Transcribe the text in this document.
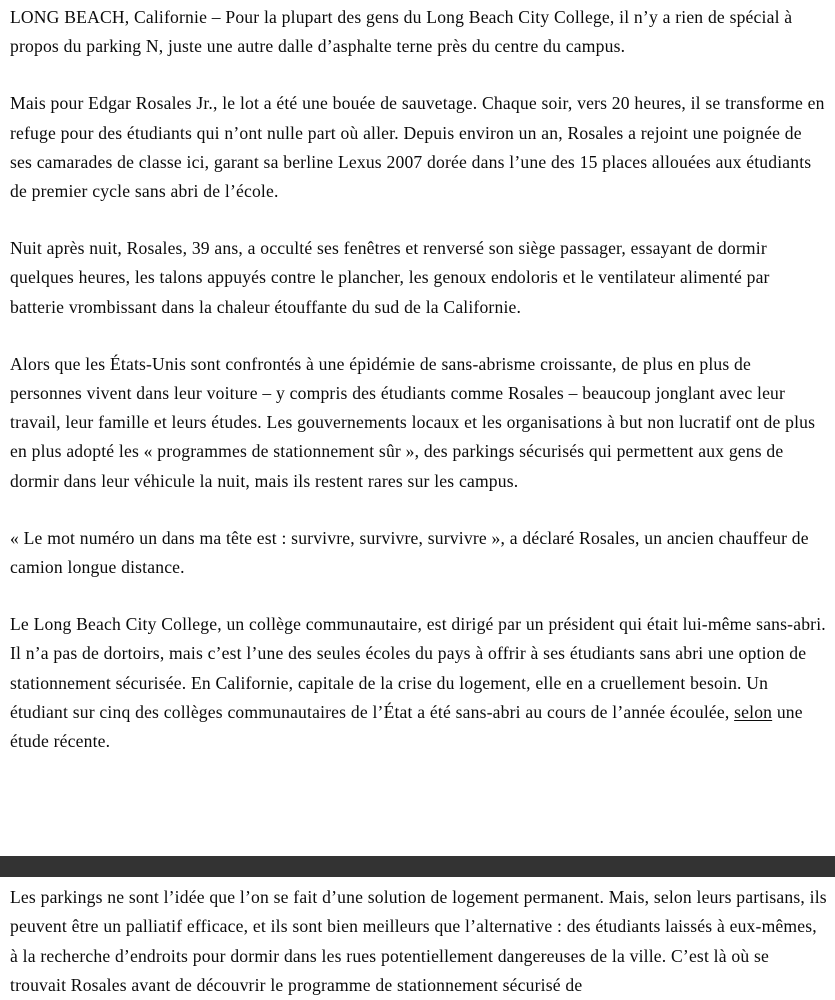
LONG BEACH, Californie – Pour la plupart des gens du Long Beach City College, il n’y a rien de spécial à propos du parking N, juste une autre dalle d’asphalte terne près du centre du campus.

Mais pour Edgar Rosales Jr., le lot a été une bouée de sauvetage. Chaque soir, vers 20 heures, il se transforme en refuge pour des étudiants qui n’ont nulle part où aller. Depuis environ un an, Rosales a rejoint une poignée de ses camarades de classe ici, garant sa berline Lexus 2007 dorée dans l’une des 15 places allouées aux étudiants de premier cycle sans abri de l’école.

Nuit après nuit, Rosales, 39 ans, a occulté ses fenêtres et renversé son siège passager, essayant de dormir quelques heures, les talons appuyés contre le plancher, les genoux endoloris et le ventilateur alimenté par batterie vrombissant dans la chaleur étouffante du sud de la Californie.

Alors que les États-Unis sont confrontés à une épidémie de sans-abrisme croissante, de plus en plus de personnes vivent dans leur voiture – y compris des étudiants comme Rosales – beaucoup jonglant avec leur travail, leur famille et leurs études. Les gouvernements locaux et les organisations à but non lucratif ont de plus en plus adopté les « programmes de stationnement sûr », des parkings sécurisés qui permettent aux gens de dormir dans leur véhicule la nuit, mais ils restent rares sur les campus.

« Le mot numéro un dans ma tête est : survivre, survivre, survivre », a déclaré Rosales, un ancien chauffeur de camion longue distance.

Le Long Beach City College, un collège communautaire, est dirigé par un président qui était lui-même sans-abri. Il n’a pas de dortoirs, mais c’est l’une des seules écoles du pays à offrir à ses étudiants sans abri une option de stationnement sécurisée. En Californie, capitale de la crise du logement, elle en a cruellement besoin. Un étudiant sur cinq des collèges communautaires de l’État a été sans-abri au cours de l’année écoulée, selon une étude récente.

Les parkings ne sont l’idée que l’on se fait d’une solution de logement permanent. Mais, selon leurs partisans, ils peuvent être un palliatif efficace, et ils sont bien meilleurs que l’alternative : des étudiants laissés à eux-mêmes, à la recherche d’endroits pour dormir dans les rues potentiellement dangereuses de la ville. C’est là où se trouvait Rosales avant de découvrir le programme de stationnement sécurisé de
